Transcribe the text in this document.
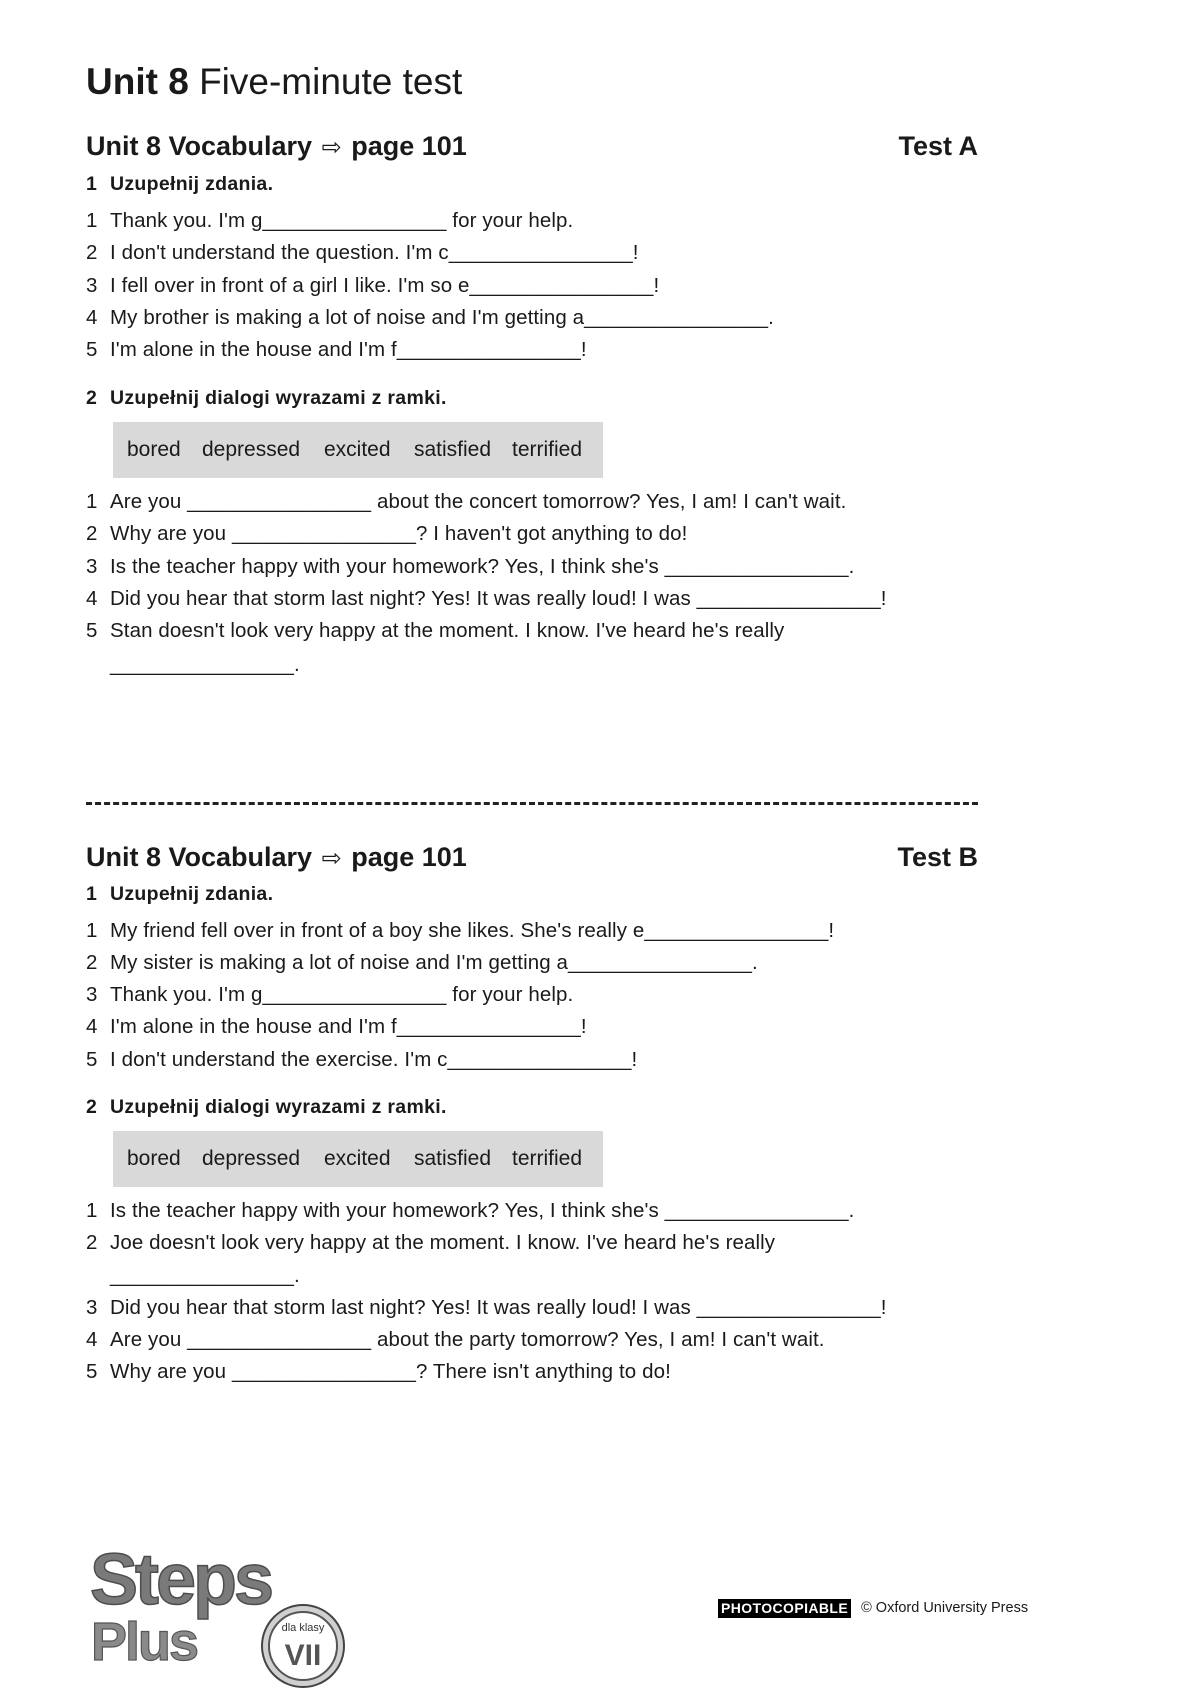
Unit 8 Five-minute test
Unit 8 Vocabulary ⇨ page 101	Test A
1 Uzupełnij zdania.
1 Thank you. I'm g________________ for your help.
2 I don't understand the question. I'm c________________!
3 I fell over in front of a girl I like. I'm so e________________!
4 My brother is making a lot of noise and I'm getting a________________.
5 I'm alone in the house and I'm f________________!
2 Uzupełnij dialogi wyrazami z ramki.
bored depressed excited satisfied terrified
1 Are you ________________ about the concert tomorrow? Yes, I am! I can't wait.
2 Why are you ________________? I haven't got anything to do!
3 Is the teacher happy with your homework? Yes, I think she's ________________.
4 Did you hear that storm last night? Yes! It was really loud! I was ________________!
5 Stan doesn't look very happy at the moment. I know. I've heard he's really
________________.
Unit 8 Vocabulary ⇨ page 101	Test B
1 Uzupełnij zdania.
1 My friend fell over in front of a boy she likes. She's really e________________!
2 My sister is making a lot of noise and I'm getting a________________.
3 Thank you. I'm g________________ for your help.
4 I'm alone in the house and I'm f________________!
5 I don't understand the exercise. I'm c________________!
2 Uzupełnij dialogi wyrazami z ramki.
bored depressed excited satisfied terrified
1 Is the teacher happy with your homework? Yes, I think she's ________________.
2 Joe doesn't look very happy at the moment. I know. I've heard he's really
________________.
3 Did you hear that storm last night? Yes! It was really loud! I was ________________!
4 Are you ________________ about the party tomorrow? Yes, I am! I can't wait.
5 Why are you ________________? There isn't anything to do!
Steps
Plus	dla klasy
VII
PHOTOCOPIABLE © Oxford University Press
